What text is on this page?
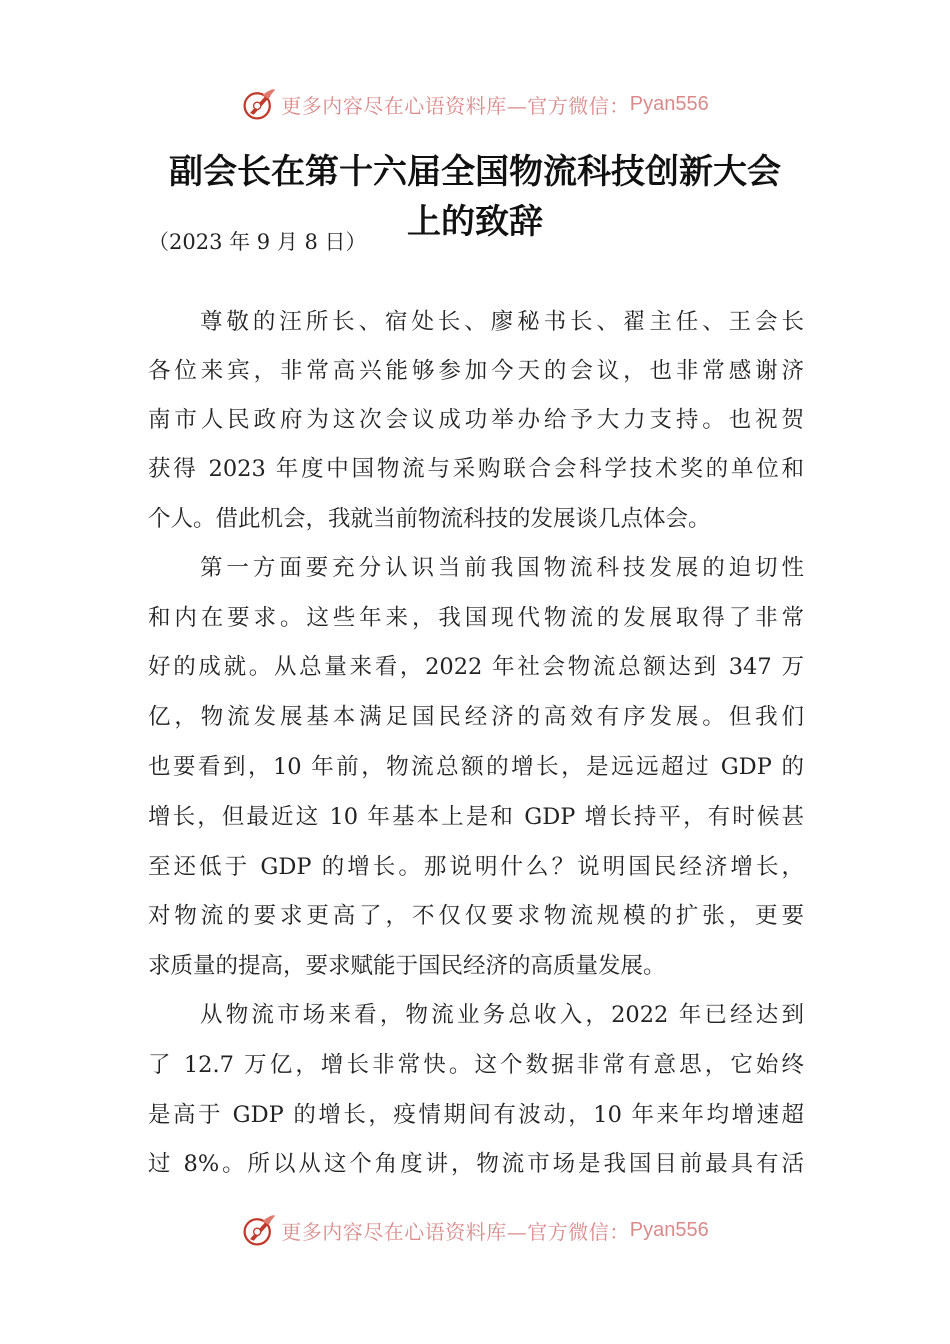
更多内容尽在心语资料库—官方微信： Pyan556
副会长在第十六届全国物流科技创新大会
上的致辞
（2023 年 9 月 8 日）
尊敬的汪所长、宿处长、廖秘书长、翟主任、王会长
各位来宾，非常高兴能够参加今天的会议，也非常感谢济
南市人民政府为这次会议成功举办给予大力支持。也祝贺
获得 2023 年度中国物流与采购联合会科学技术奖的单位和
个人。借此机会，我就当前物流科技的发展谈几点体会。
第一方面要充分认识当前我国物流科技发展的迫切性
和内在要求。这些年来，我国现代物流的发展取得了非常
好的成就。从总量来看，2022 年社会物流总额达到 347 万
亿，物流发展基本满足国民经济的高效有序发展。但我们
也要看到，10 年前，物流总额的增长，是远远超过 GDP 的
增长，但最近这 10 年基本上是和 GDP 增长持平，有时候甚
至还低于 GDP 的增长。那说明什么？说明国民经济增长，
对物流的要求更高了，不仅仅要求物流规模的扩张，更要
求质量的提高，要求赋能于国民经济的高质量发展。
从物流市场来看，物流业务总收入，2022 年已经达到
了 12.7 万亿，增长非常快。这个数据非常有意思，它始终
是高于 GDP 的增长，疫情期间有波动，10 年来年均增速超
过 8%。所以从这个角度讲，物流市场是我国目前最具有活
更多内容尽在心语资料库—官方微信： Pyan556
